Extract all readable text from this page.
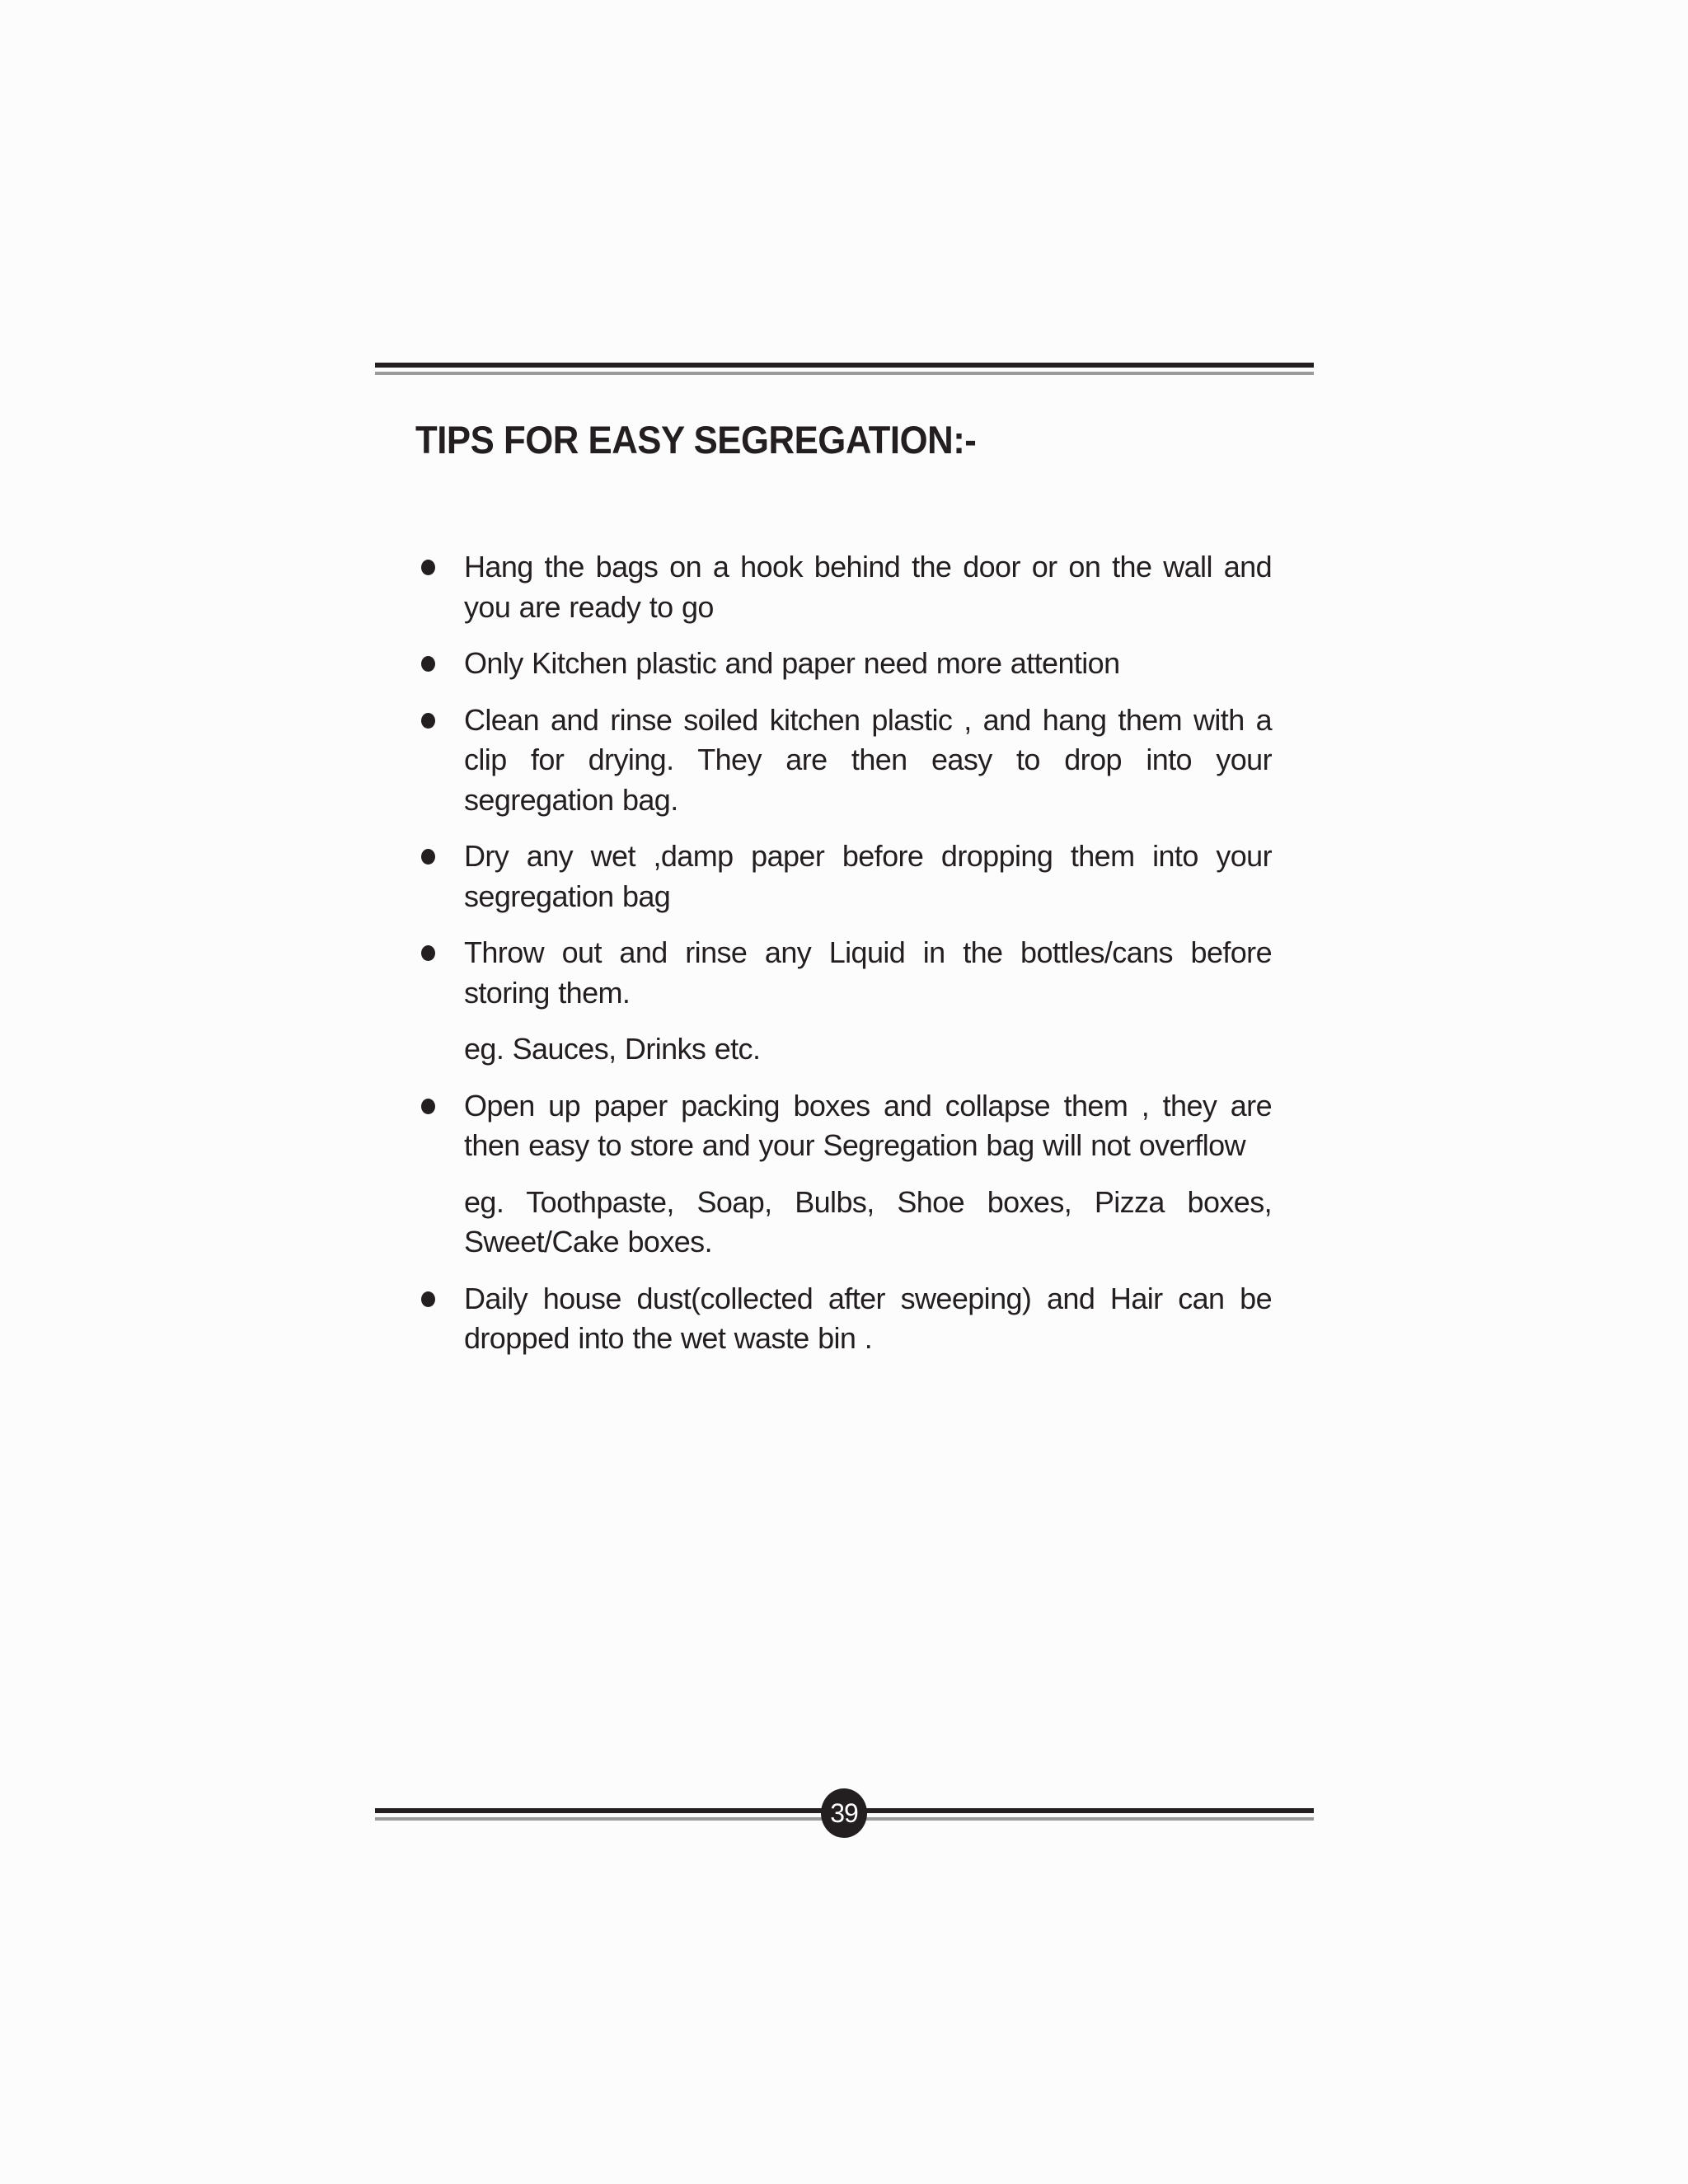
TIPS FOR EASY SEGREGATION:-
Hang the bags on a hook behind the door or on the wall and you are ready to go
Only Kitchen plastic and paper need more attention
Clean and rinse soiled kitchen plastic , and hang them with a clip for drying. They are then easy to drop into your segregation bag.
Dry any wet ,damp paper before dropping them into your segregation bag
Throw out and rinse any Liquid in the bottles/cans before storing them.
eg. Sauces, Drinks etc.
Open up paper packing boxes and collapse them , they are then easy to store and your Segregation bag will not overflow
eg. Toothpaste, Soap, Bulbs, Shoe boxes, Pizza boxes, Sweet/Cake boxes.
Daily house dust(collected after sweeping) and Hair can be dropped into the wet waste bin .
39
